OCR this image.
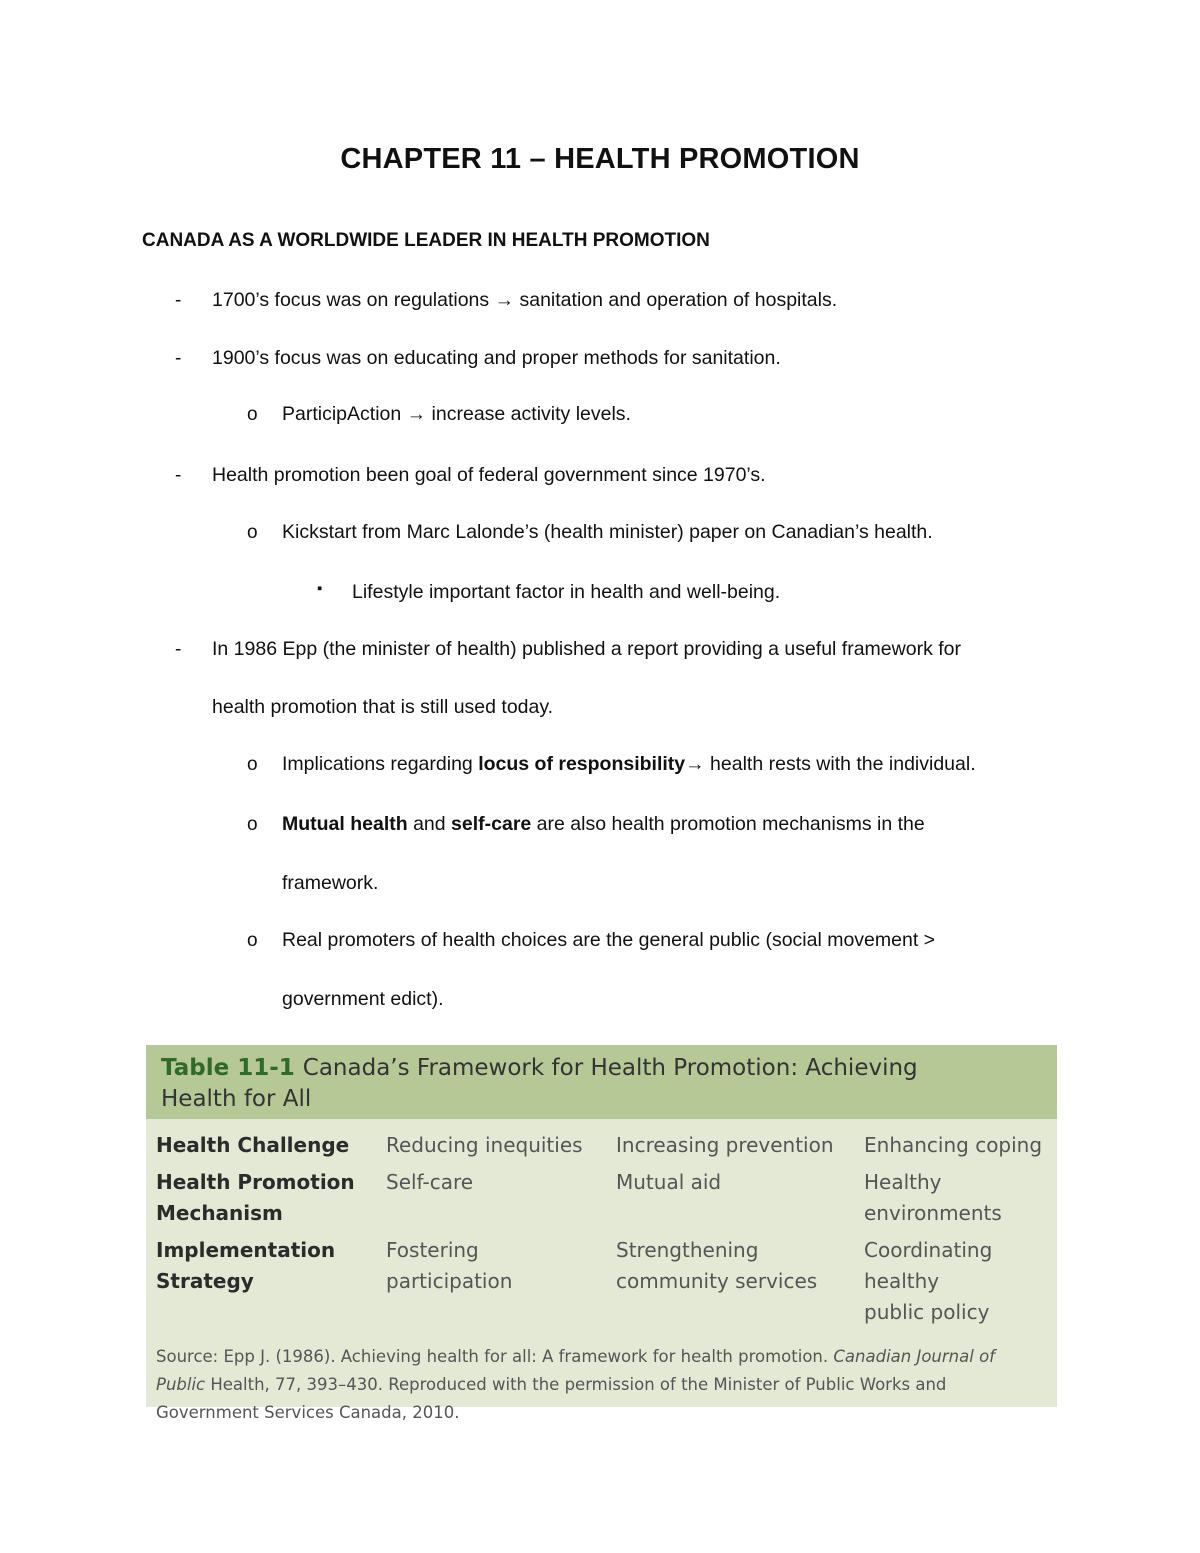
CHAPTER 11 – HEALTH PROMOTION
CANADA AS A WORLDWIDE LEADER IN HEALTH PROMOTION
- 1700’s focus was on regulations → sanitation and operation of hospitals.
- 1900’s focus was on educating and proper methods for sanitation.
o ParticipAction → increase activity levels.
- Health promotion been goal of federal government since 1970’s.
o Kickstart from Marc Lalonde’s (health minister) paper on Canadian’s health.
▪ Lifestyle important factor in health and well-being.
- In 1986 Epp (the minister of health) published a report providing a useful framework for
health promotion that is still used today.
o Implications regarding locus of responsibility→ health rests with the individual.
o Mutual health and self-care are also health promotion mechanisms in the
framework.
o Real promoters of health choices are the general public (social movement >
government edict).
Table 11-1 Canada’s Framework for Health Promotion: Achieving
Health for All
Health Challenge Reducing inequities Increasing prevention Enhancing coping
Health Promotion
Mechanism
Self-care	Mutual aid	Healthy
environments
Implementation
Strategy
Fostering
participation
Strengthening
community services
Coordinating
healthy
public policy
Source: Epp J. (1986). Achieving health for all: A framework for health promotion. Canadian Journal of Public Health, 77, 393–430. Reproduced with the permission of the Minister of Public Works and Government Services Canada, 2010.
